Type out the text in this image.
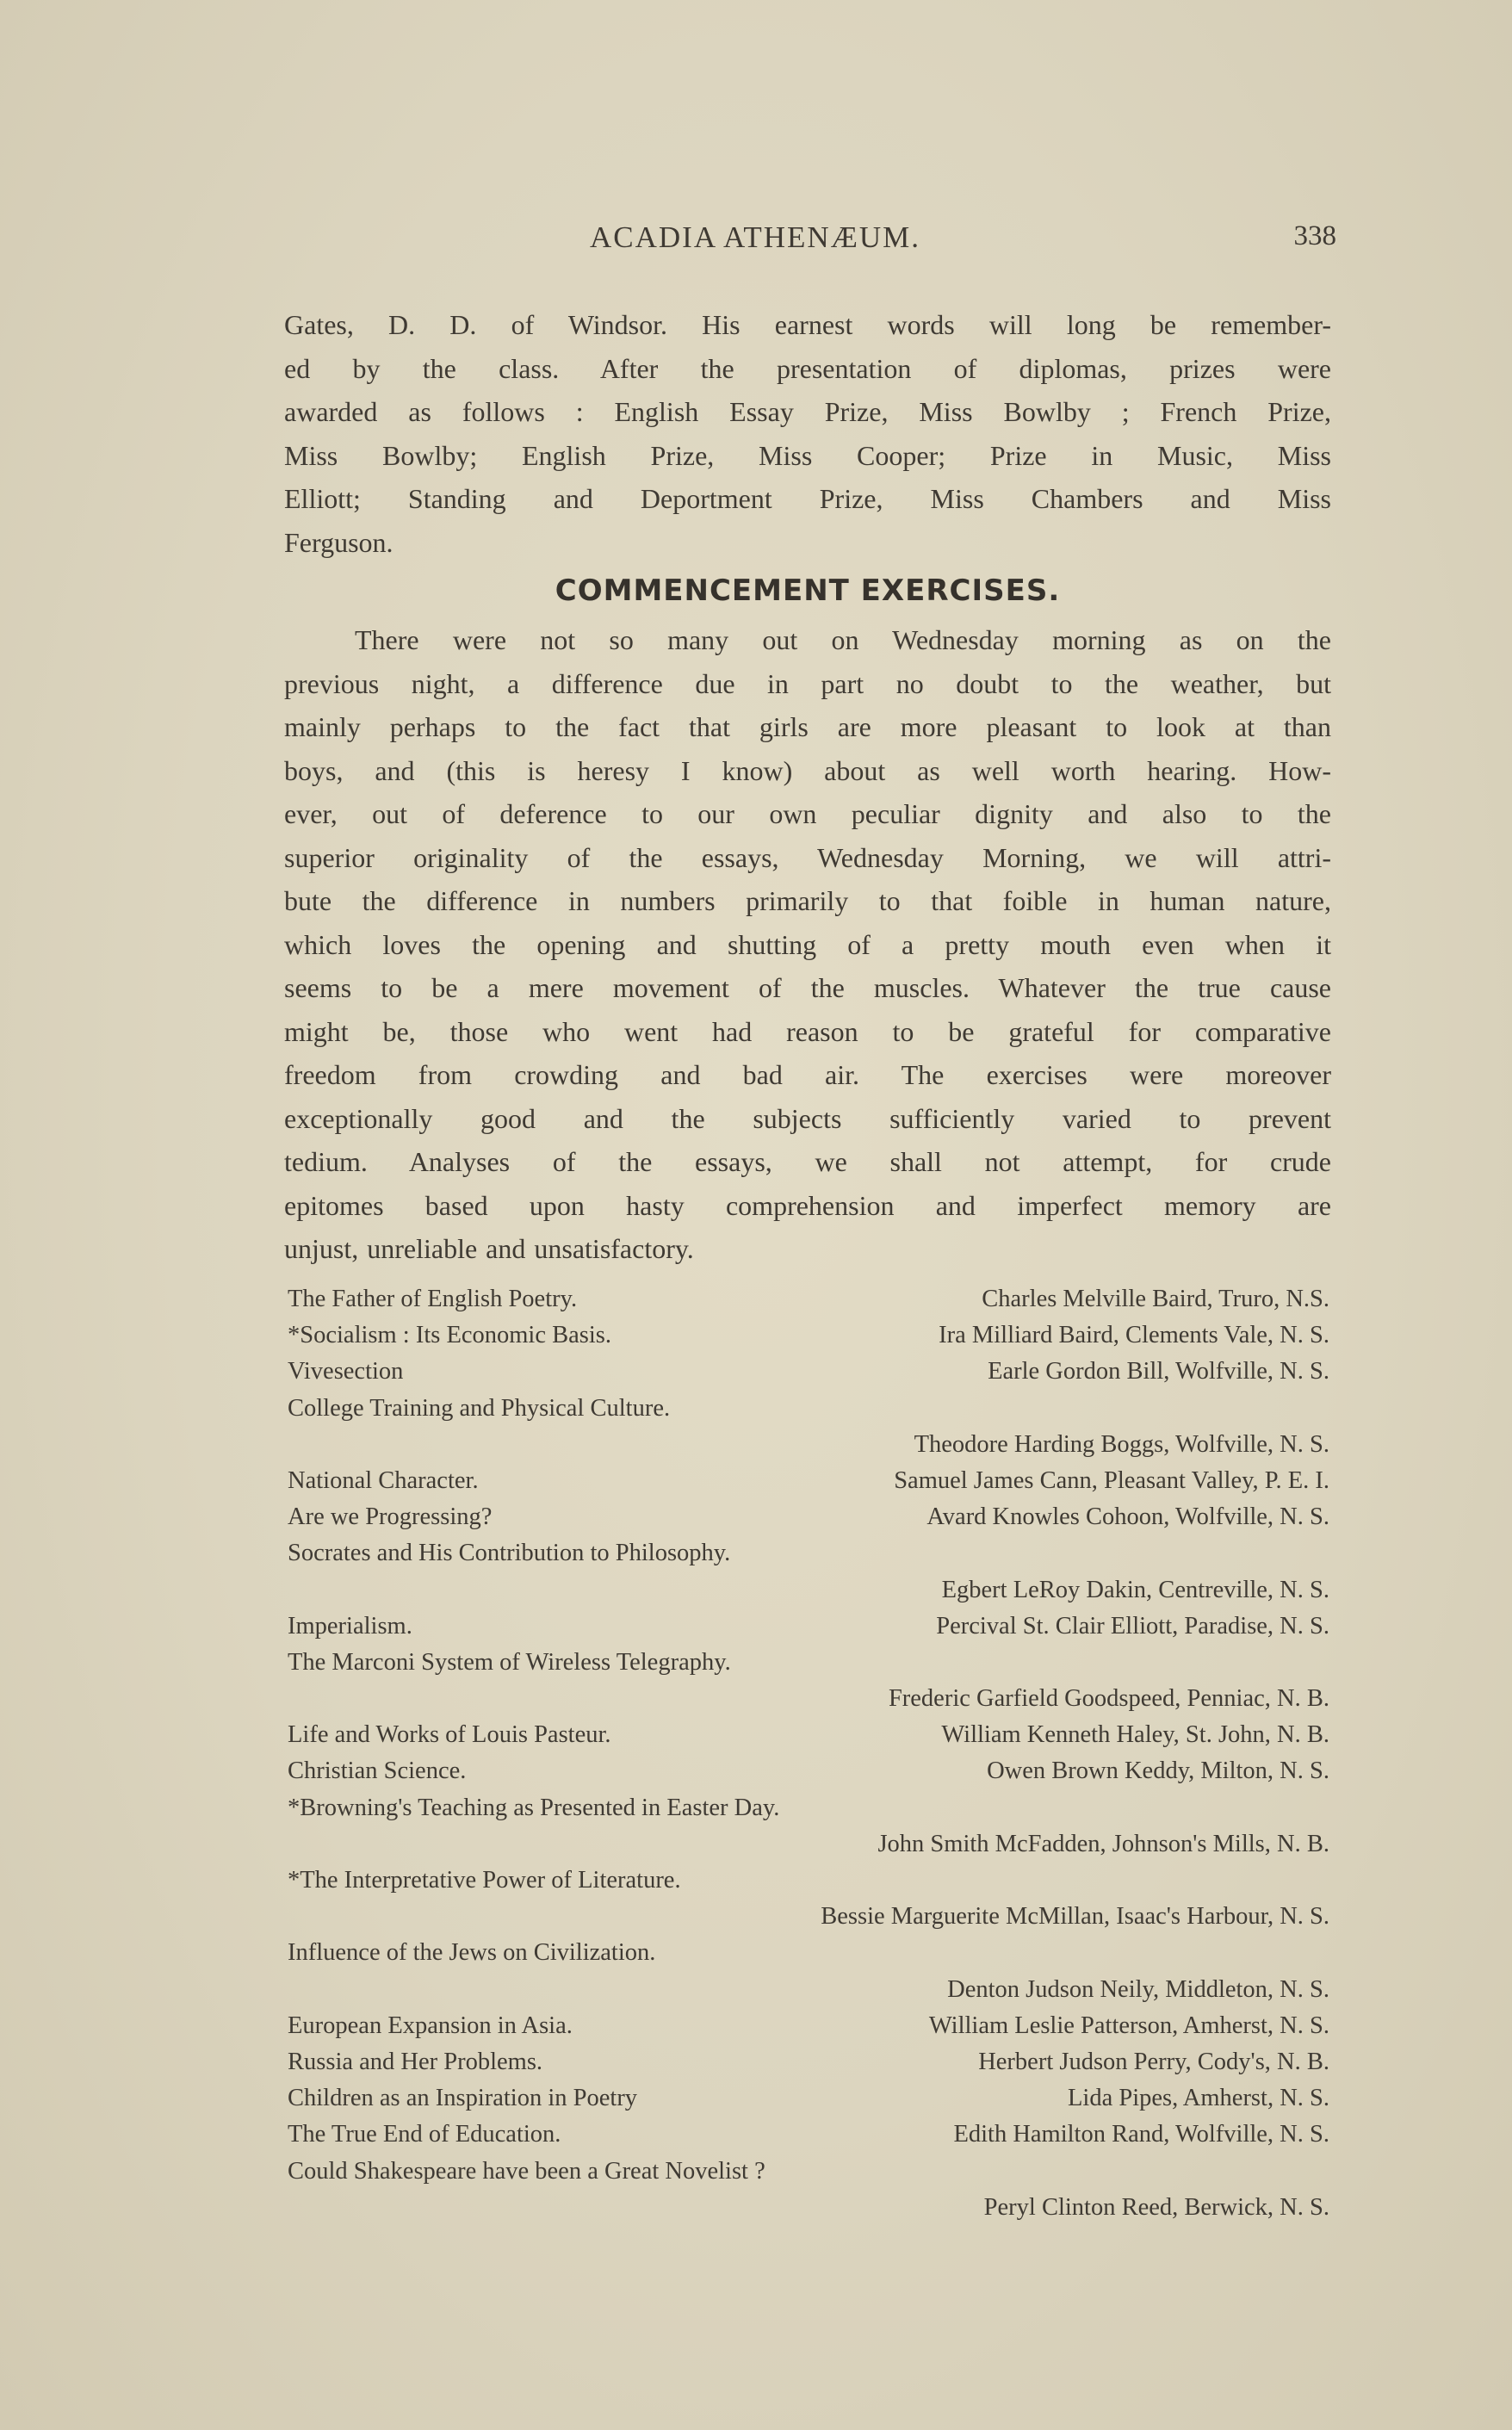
ACADIA ATHENÆUM.	338
Gates, D. D. of Windsor. His earnest words will long be remember-
ed by the class. After the presentation of diplomas, prizes were
awarded as follows : English Essay Prize, Miss Bowlby ; French Prize,
Miss Bowlby; English Prize, Miss Cooper; Prize in Music, Miss
Elliott; Standing and Deportment Prize, Miss Chambers and Miss
Ferguson.
COMMENCEMENT EXERCISES.
There were not so many out on Wednesday morning as on the
previous night, a difference due in part no doubt to the weather, but
mainly perhaps to the fact that girls are more pleasant to look at than
boys, and (this is heresy I know) about as well worth hearing. How-
ever, out of deference to our own peculiar dignity and also to the
superior originality of the essays, Wednesday Morning, we will attri-
bute the difference in numbers primarily to that foible in human nature,
which loves the opening and shutting of a pretty mouth even when it
seems to be a mere movement of the muscles. Whatever the true cause
might be, those who went had reason to be grateful for comparative
freedom from crowding and bad air. The exercises were moreover
exceptionally good and the subjects sufficiently varied to prevent
tedium. Analyses of the essays, we shall not attempt, for crude
epitomes based upon hasty comprehension and imperfect memory are
unjust, unreliable and unsatisfactory.
The Father of English Poetry.	Charles Melville Baird, Truro, N.S.
*Socialism : Its Economic Basis.	Ira Milliard Baird, Clements Vale, N. S.
Vivesection	Earle Gordon Bill, Wolfville, N. S.
College Training and Physical Culture.
Theodore Harding Boggs, Wolfville, N. S.
National Character.	Samuel James Cann, Pleasant Valley, P. E. I.
Are we Progressing?	Avard Knowles Cohoon, Wolfville, N. S.
Socrates and His Contribution to Philosophy.
Egbert LeRoy Dakin, Centreville, N. S.
Imperialism.	Percival St. Clair Elliott, Paradise, N. S.
The Marconi System of Wireless Telegraphy.
Frederic Garfield Goodspeed, Penniac, N. B.
Life and Works of Louis Pasteur.	William Kenneth Haley, St. John, N. B.
Christian Science.	Owen Brown Keddy, Milton, N. S.
*Browning's Teaching as Presented in Easter Day.
John Smith McFadden, Johnson's Mills, N. B.
*The Interpretative Power of Literature.
Bessie Marguerite McMillan, Isaac's Harbour, N. S.
Influence of the Jews on Civilization.
Denton Judson Neily, Middleton, N. S.
European Expansion in Asia.	William Leslie Patterson, Amherst, N. S.
Russia and Her Problems.	Herbert Judson Perry, Cody's, N. B.
Children as an Inspiration in Poetry	Lida Pipes, Amherst, N. S.
The True End of Education.	Edith Hamilton Rand, Wolfville, N. S.
Could Shakespeare have been a Great Novelist ?
Peryl Clinton Reed, Berwick, N. S.
